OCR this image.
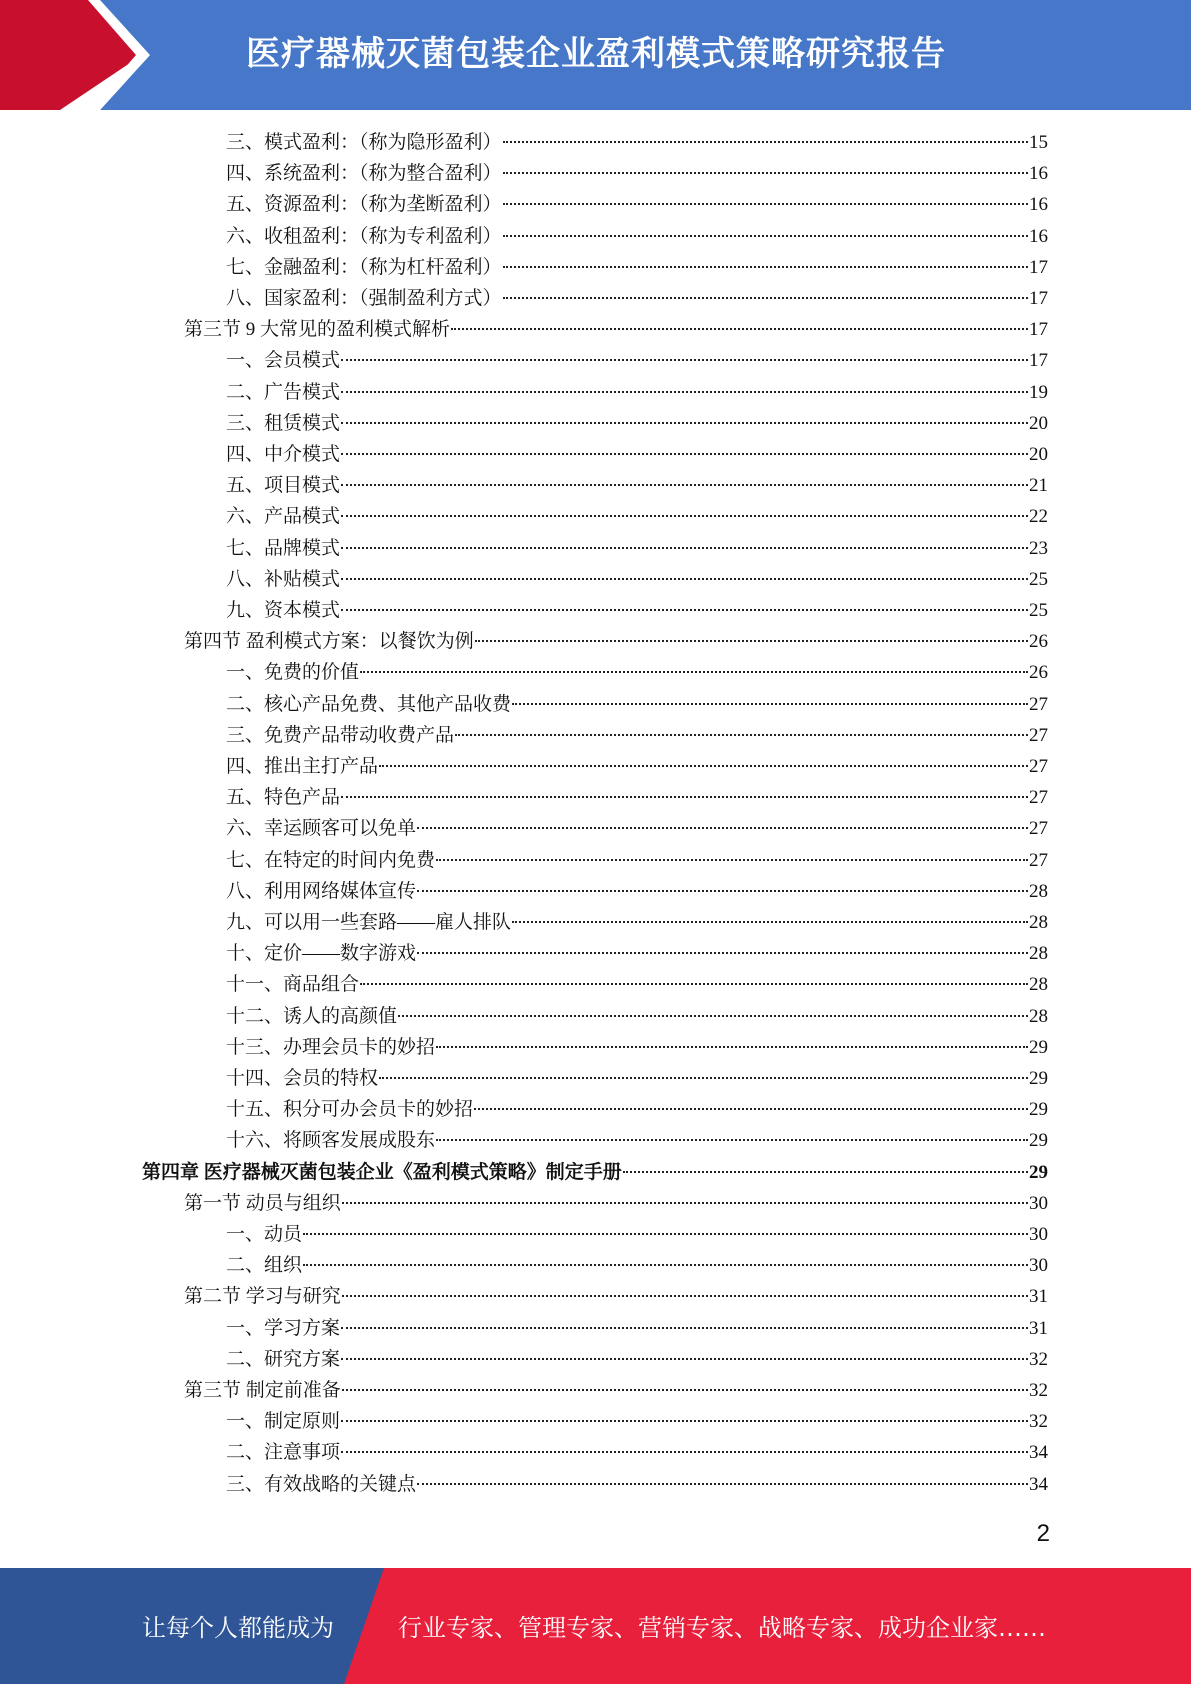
医疗器械灭菌包装企业盈利模式策略研究报告
三、模式盈利：（称为隐形盈利）	15
四、系统盈利：（称为整合盈利）	16
五、资源盈利：（称为垄断盈利）	16
六、收租盈利：（称为专利盈利）	16
七、金融盈利：（称为杠杆盈利）	17
八、国家盈利：（强制盈利方式）	17
第三节 9 大常见的盈利模式解析	17
一、会员模式	17
二、广告模式	19
三、租赁模式	20
四、中介模式	20
五、项目模式	21
六、产品模式	22
七、品牌模式	23
八、补贴模式	25
九、资本模式	25
第四节 盈利模式方案：以餐饮为例	26
一、免费的价值	26
二、核心产品免费、其他产品收费	27
三、免费产品带动收费产品	27
四、推出主打产品	27
五、特色产品	27
六、幸运顾客可以免单	27
七、在特定的时间内免费	27
八、利用网络媒体宣传	28
九、可以用一些套路——雇人排队	28
十、定价——数字游戏	28
十一、商品组合	28
十二、诱人的高颜值	28
十三、办理会员卡的妙招	29
十四、会员的特权	29
十五、积分可办会员卡的妙招	29
十六、将顾客发展成股东	29
第四章 医疗器械灭菌包装企业《盈利模式策略》制定手册	29
第一节 动员与组织	30
一、动员	30
二、组织	30
第二节 学习与研究	31
一、学习方案	31
二、研究方案	32
第三节 制定前准备	32
一、制定原则	32
二、注意事项	34
三、有效战略的关键点	34
2
让每个人都能成为	行业专家、管理专家、营销专家、战略专家、成功企业家……
